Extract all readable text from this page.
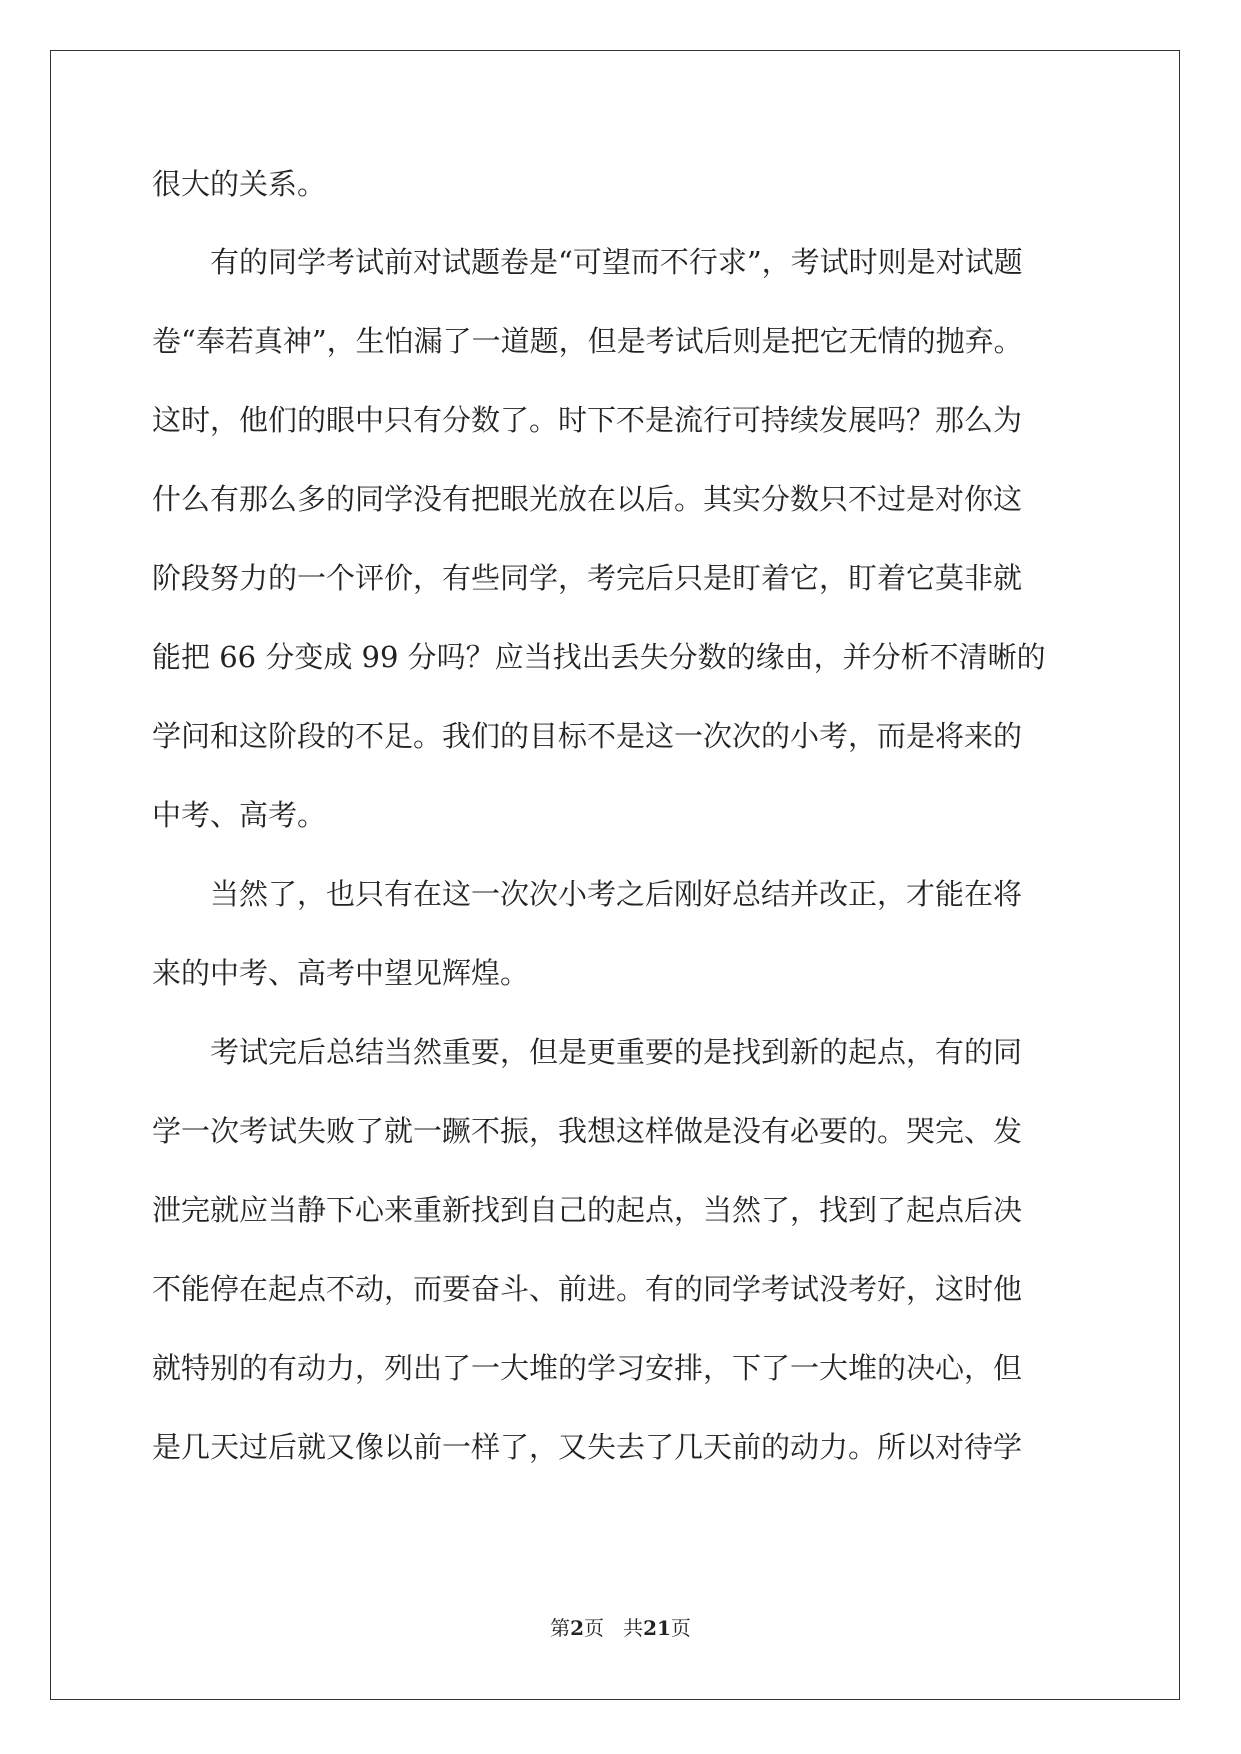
很大的关系。
　　有的同学考试前对试题卷是“可望而不行求”，考试时则是对试题
卷“奉若真神”，生怕漏了一道题，但是考试后则是把它无情的抛弃。
这时，他们的眼中只有分数了。时下不是流行可持续发展吗？那么为
什么有那么多的同学没有把眼光放在以后。其实分数只不过是对你这
阶段努力的一个评价，有些同学，考完后只是盯着它，盯着它莫非就
能把 66 分变成 99 分吗？应当找出丢失分数的缘由，并分析不清晰的
学问和这阶段的不足。我们的目标不是这一次次的小考，而是将来的
中考、高考。
　　当然了，也只有在这一次次小考之后刚好总结并改正，才能在将
来的中考、高考中望见辉煌。
　　考试完后总结当然重要，但是更重要的是找到新的起点，有的同
学一次考试失败了就一蹶不振，我想这样做是没有必要的。哭完、发
泄完就应当静下心来重新找到自己的起点，当然了，找到了起点后决
不能停在起点不动，而要奋斗、前进。有的同学考试没考好，这时他
就特别的有动力，列出了一大堆的学习安排，下了一大堆的决心，但
是几天过后就又像以前一样了，又失去了几天前的动力。所以对待学
第2页 共21页
